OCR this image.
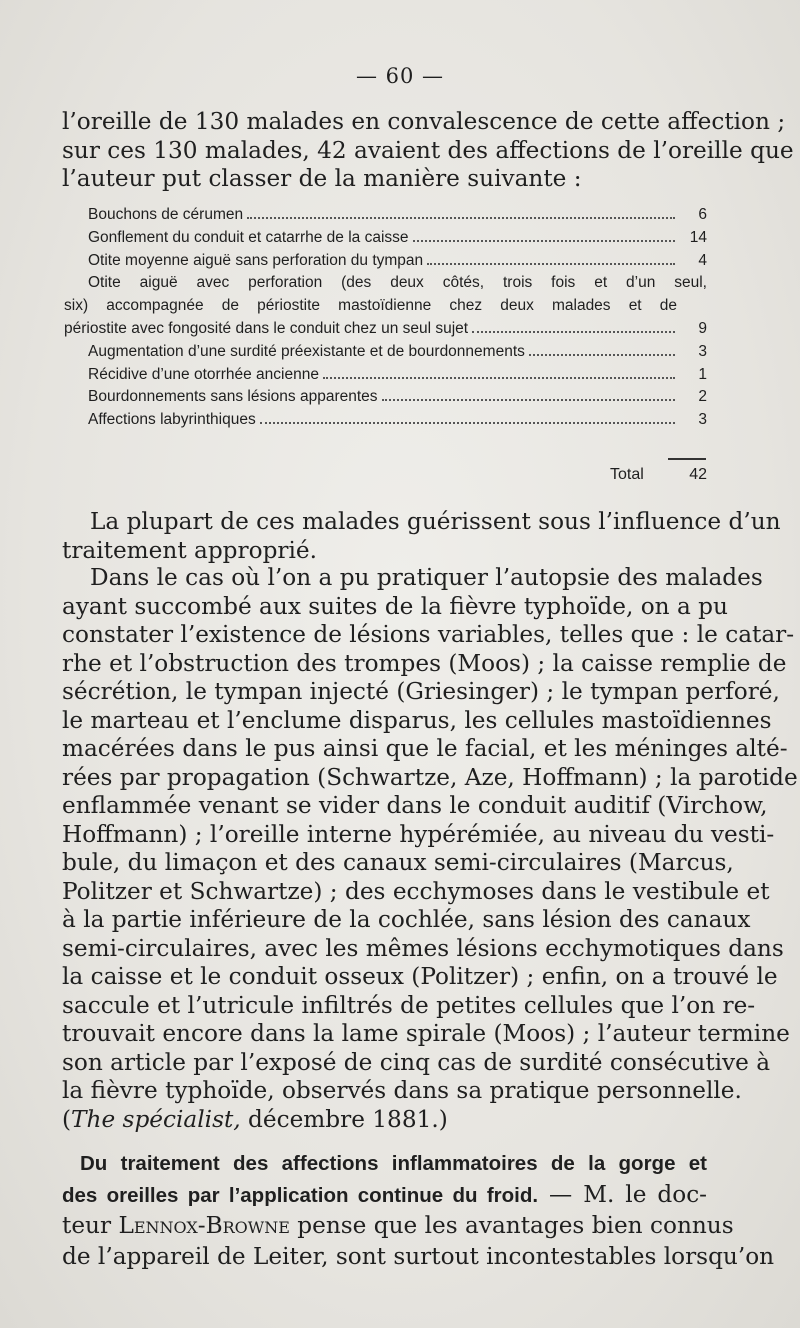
— 60 —
l’oreille de 130 malades en convalescence de cette affection ;
sur ces 130 malades, 42 avaient des affections de l’oreille que
l’auteur put classer de la manière suivante :
Bouchons de cérumen	6
Gonflement du conduit et catarrhe de la caisse	14
Otite moyenne aiguë sans perforation du tympan	4
Otite aiguë avec perforation (des deux côtés, trois fois et d’un seul,
six) accompagnée de périostite mastoïdienne chez deux malades et de
périostite avec fongosité dans le conduit chez un seul sujet	9
Augmentation d’une surdité préexistante et de bourdonnements	3
Récidive d’une otorrhée ancienne	1
Bourdonnements sans lésions apparentes	2
Affections labyrinthiques	3
Total	42
La plupart de ces malades guérissent sous l’influence d’un
traitement approprié.
Dans le cas où l’on a pu pratiquer l’autopsie des malades
ayant succombé aux suites de la fièvre typhoïde, on a pu
constater l’existence de lésions variables, telles que : le catar-
rhe et l’obstruction des trompes (Moos) ; la caisse remplie de
sécrétion, le tympan injecté (Griesinger) ; le tympan perforé,
le marteau et l’enclume disparus, les cellules mastoïdiennes
macérées dans le pus ainsi que le facial, et les méninges alté-
rées par propagation (Schwartze, Aze, Hoffmann) ; la parotide
enflammée venant se vider dans le conduit auditif (Virchow,
Hoffmann) ; l’oreille interne hypérémiée, au niveau du vesti-
bule, du limaçon et des canaux semi-circulaires (Marcus,
Politzer et Schwartze) ; des ecchymoses dans le vestibule et
à la partie inférieure de la cochlée, sans lésion des canaux
semi-circulaires, avec les mêmes lésions ecchymotiques dans
la caisse et le conduit osseux (Politzer) ; enfin, on a trouvé le
saccule et l’utricule infiltrés de petites cellules que l’on re-
trouvait encore dans la lame spirale (Moos) ; l’auteur termine
son article par l’exposé de cinq cas de surdité consécutive à
la fièvre typhoïde, observés dans sa pratique personnelle.
(The spécialist, décembre 1881.)
Du traitement des affections inflammatoires de la gorge et
des oreilles par l’application continue du froid. — M. le doc-
teur Lennox-Browne pense que les avantages bien connus
de l’appareil de Leiter, sont surtout incontestables lorsqu’on
